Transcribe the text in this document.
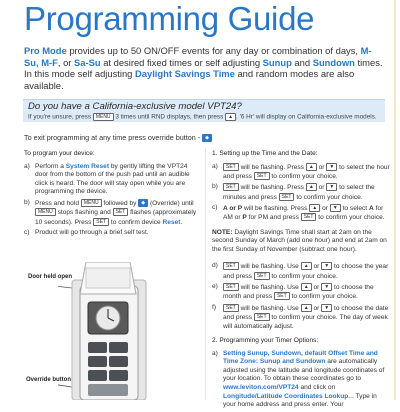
Programming Guide
Pro Mode provides up to 50 ON/OFF events for any day or combination of days, M-Su, M-F, or Sa-Su at desired fixed times or self adjusting Sunup and Sundown times. In this mode self adjusting Daylight Savings Time and random modes are also available.
Do you have a California-exclusive model VPT24?
If you're unsure, press MENU 3 times until RND displays, then press ▲ . '6 Hr' will display on California-exclusive models.
To exit programming at any time press override button - ◆
To program your device:
a) Perform a System Reset by gently lifting the VPT24 door from the bottom of the push pad until an audible click is heard. The door will stay open while you are programming the device.
b) Press and hold MENU followed by ◆ (Override) until MENU stops flashing and SET flashes (approximately 10 seconds). Press SET to confirm device Reset.
c) Product will go through a brief self test.
Door held open
Override button
1. Setting up the Time and the Date:
a) SET will be flashing. Press ▲ or ▼ to select the hour and press SET to confirm your choice.
b) SET will be flashing. Press ▲ or ▼ to select the minutes and press SET to confirm your choice.
c) A or P will be flashing. Press ▲ or ▼ to select A for AM or P for PM and press SET to confirm your choice.
NOTE: Daylight Savings Time shall start at 2am on the second Sunday of March (add one hour) and end at 2am on the first Sunday of November (subtract one hour).
d) SET will be flashing. Use ▲ or ▼ to choose the year and press SET to confirm your choice.
e) SET will be flashing. Use ▲ or ▼ to choose the month and press SET to confirm your choice.
f) SET will be flashing. Use ▲ or ▼ to choose the date and press SET to confirm your choice. The day of week will automatically adjust.
2. Programming your Timer Options:
a) Setting Sunup, Sundown, default Offset Time and Time Zone: Sunup and Sundown are automatically adjusted using the latitude and longitude coordinates of your location. To obtain these coordinates go to www.leviton.com/VPT24 and click on Longitude/Latitude Coordinates Lookup... Type in your home address and press enter. Your
